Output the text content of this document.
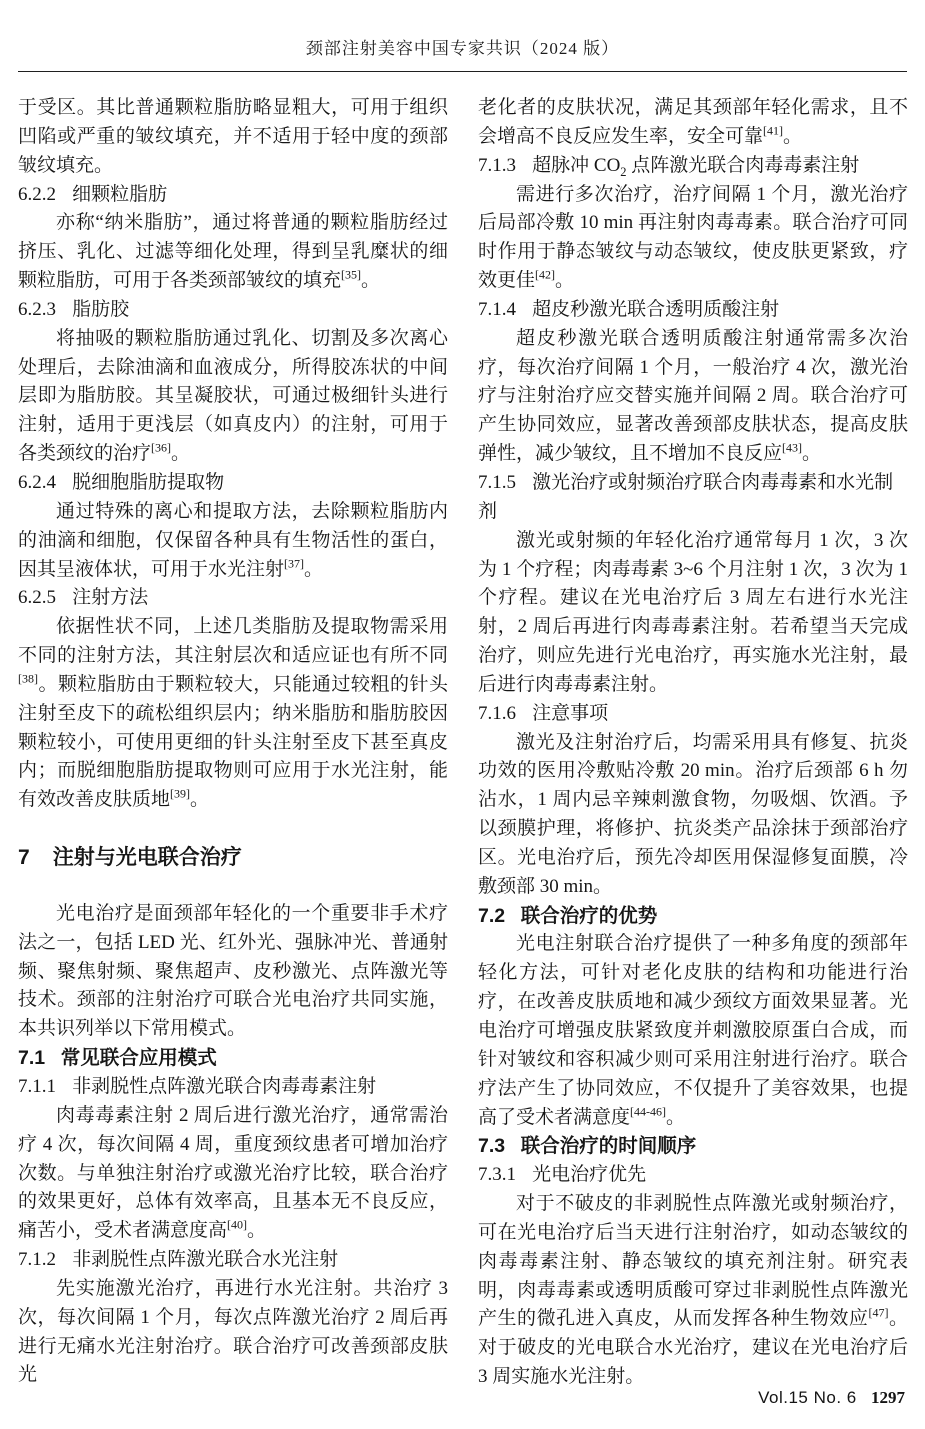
颈部注射美容中国专家共识（2024 版）

于受区。其比普通颗粒脂肪略显粗大，可用于组织凹陷或严重的皱纹填充，并不适用于轻中度的颈部皱纹填充。

6.2.2 细颗粒脂肪

亦称“纳米脂肪”，通过将普通的颗粒脂肪经过挤压、乳化、过滤等细化处理，得到呈乳糜状的细颗粒脂肪，可用于各类颈部皱纹的填充[35]。

6.2.3 脂肪胶

将抽吸的颗粒脂肪通过乳化、切割及多次离心处理后，去除油滴和血液成分，所得胶冻状的中间层即为脂肪胶。其呈凝胶状，可通过极细针头进行注射，适用于更浅层（如真皮内）的注射，可用于各类颈纹的治疗[36]。

6.2.4 脱细胞脂肪提取物

通过特殊的离心和提取方法，去除颗粒脂肪内的油滴和细胞，仅保留各种具有生物活性的蛋白，因其呈液体状，可用于水光注射[37]。

6.2.5 注射方法

依据性状不同，上述几类脂肪及提取物需采用不同的注射方法，其注射层次和适应证也有所不同[38]。颗粒脂肪由于颗粒较大，只能通过较粗的针头注射至皮下的疏松组织层内；纳米脂肪和脂肪胶因颗粒较小，可使用更细的针头注射至皮下甚至真皮内；而脱细胞脂肪提取物则可应用于水光注射，能有效改善皮肤质地[39]。

7 注射与光电联合治疗

光电治疗是面颈部年轻化的一个重要非手术疗法之一，包括 LED 光、红外光、强脉冲光、普通射频、聚焦射频、聚焦超声、皮秒激光、点阵激光等技术。颈部的注射治疗可联合光电治疗共同实施，本共识列举以下常用模式。

7.1 常见联合应用模式
7.1.1 非剥脱性点阵激光联合肉毒毒素注射

肉毒毒素注射 2 周后进行激光治疗，通常需治疗 4 次，每次间隔 4 周，重度颈纹患者可增加治疗次数。与单独注射治疗或激光治疗比较，联合治疗的效果更好，总体有效率高，且基本无不良反应，痛苦小，受术者满意度高[40]。

7.1.2 非剥脱性点阵激光联合水光注射

先实施激光治疗，再进行水光注射。共治疗 3 次，每次间隔 1 个月，每次点阵激光治疗 2 周后再进行无痛水光注射治疗。联合治疗可改善颈部皮肤光

老化者的皮肤状况，满足其颈部年轻化需求，且不会增高不良反应发生率，安全可靠[41]。

7.1.3 超脉冲 $CO_2$ 点阵激光联合肉毒毒素注射

需进行多次治疗，治疗间隔 1 个月，激光治疗后局部冷敷 10 min 再注射肉毒毒素。联合治疗可同时作用于静态皱纹与动态皱纹，使皮肤更紧致，疗效更佳[42]。

7.1.4 超皮秒激光联合透明质酸注射

超皮秒激光联合透明质酸注射通常需多次治疗，每次治疗间隔 1 个月，一般治疗 4 次，激光治疗与注射治疗应交替实施并间隔 2 周。联合治疗可产生协同效应，显著改善颈部皮肤状态，提高皮肤弹性，减少皱纹，且不增加不良反应[43]。

7.1.5 激光治疗或射频治疗联合肉毒毒素和水光制剂

激光或射频的年轻化治疗通常每月 1 次，3 次为 1 个疗程；肉毒毒素 3~6 个月注射 1 次，3 次为 1 个疗程。建议在光电治疗后 3 周左右进行水光注射，2 周后再进行肉毒毒素注射。若希望当天完成治疗，则应先进行光电治疗，再实施水光注射，最后进行肉毒毒素注射。

7.1.6 注意事项

激光及注射治疗后，均需采用具有修复、抗炎功效的医用冷敷贴冷敷 20 min。治疗后颈部 6 h 勿沾水，1 周内忌辛辣刺激食物，勿吸烟、饮酒。予以颈膜护理，将修护、抗炎类产品涂抹于颈部治疗区。光电治疗后，预先冷却医用保湿修复面膜，冷敷颈部 30 min。

7.2 联合治疗的优势

光电注射联合治疗提供了一种多角度的颈部年轻化方法，可针对老化皮肤的结构和功能进行治疗，在改善皮肤质地和减少颈纹方面效果显著。光电治疗可增强皮肤紧致度并刺激胶原蛋白合成，而针对皱纹和容积减少则可采用注射进行治疗。联合疗法产生了协同效应，不仅提升了美容效果，也提高了受术者满意度[44-46]。

7.3 联合治疗的时间顺序
7.3.1 光电治疗优先

对于不破皮的非剥脱性点阵激光或射频治疗，可在光电治疗后当天进行注射治疗，如动态皱纹的肉毒毒素注射、静态皱纹的填充剂注射。研究表明，肉毒毒素或透明质酸可穿过非剥脱性点阵激光产生的微孔进入真皮，从而发挥各种生物效应[47]。对于破皮的光电联合水光治疗，建议在光电治疗后 3 周实施水光注射。

Vol.15 No. 6 1297
